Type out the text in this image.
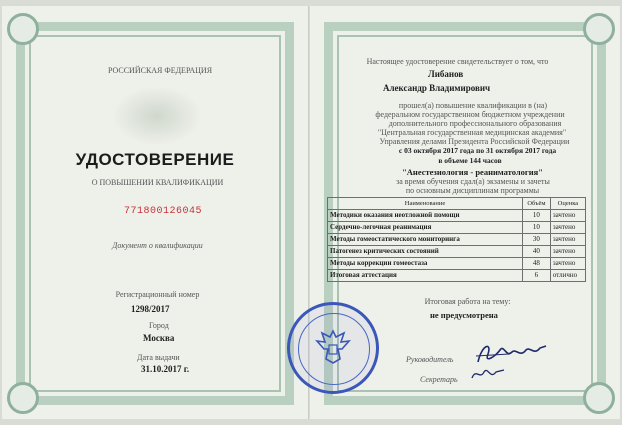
РОССИЙСКАЯ ФЕДЕРАЦИЯ
УДОСТОВЕРЕНИЕ
О ПОВЫШЕНИИ КВАЛИФИКАЦИИ
771800126045
Документ о квалификации
Регистрационный номер
1298/2017
Город
Москва
Дата выдачи
31.10.2017 г.
Настоящее удостоверение свидетельствует о том, что
Либанов
Александр Владимирович
прошел(а) повышение квалификации в (на)
федеральном государственном бюджетном учреждении
дополнительного профессионального образования
"Центральная государственная медицинская академия"
Управления делами Президента Российской Федерации
с 03 октября 2017 года по 31 октября 2017 года
в объеме 144 часов
"Анестезиология - реаниматология"
за время обучения сдал(а) экзамены и зачеты
по основным дисциплинам программы
Наименование	Объём	Оценка
Методики оказания неотложной помощи	10	зачтено
Сердечно-легочная реанимация	10	зачтено
Методы гомеостатического мониторинга	30	зачтено
Патогенез критических состояний	40	зачтено
Методы коррекции гомеостаза	48	зачтено
Итоговая аттестация	6	отлично
Итоговая работа на тему:
не предусмотрена
Руководитель
Секретарь
